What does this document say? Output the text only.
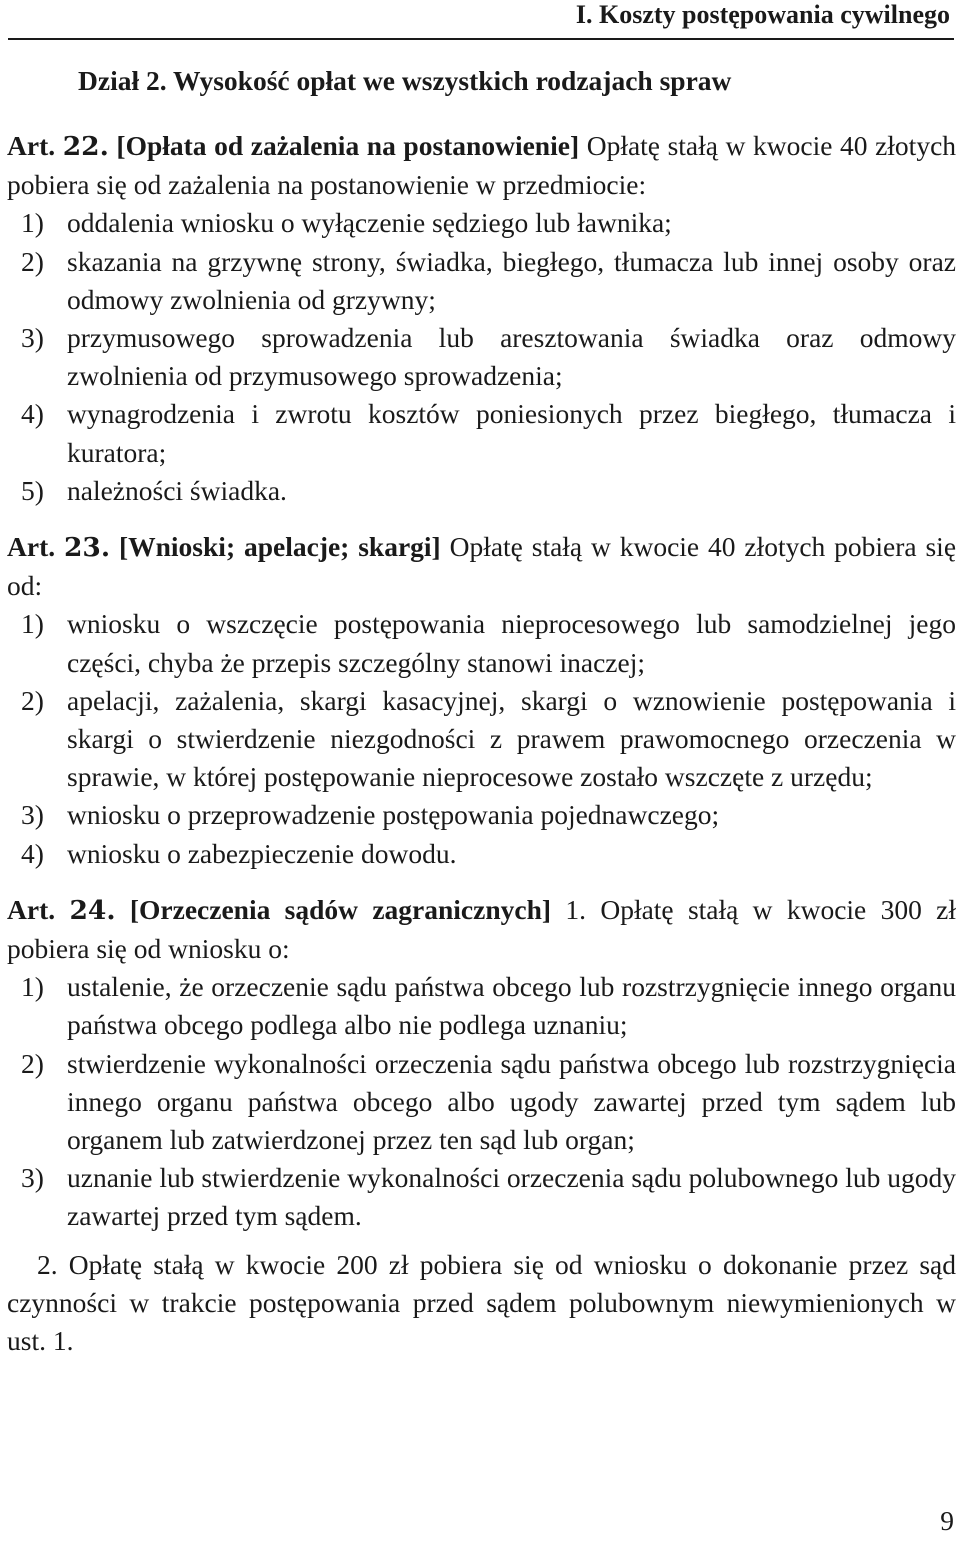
I. Koszty postępowania cywilnego
Dział 2. Wysokość opłat we wszystkich rodzajach spraw

Art. 22. [Opłata od zażalenia na postanowienie] Opłatę stałą w kwocie 40 złotych pobiera się od zażalenia na postanowienie w przedmiocie:

1) oddalenia wniosku o wyłączenie sędziego lub ławnika;
2) skazania na grzywnę strony, świadka, biegłego, tłumacza lub innej osoby oraz odmowy zwolnienia od grzywny;
3) przymusowego sprowadzenia lub aresztowania świadka oraz odmowy zwolnienia od przymusowego sprowadzenia;
4) wynagrodzenia i zwrotu kosztów poniesionych przez biegłego, tłumacza i kuratora;
5) należności świadka.

Art. 23. [Wnioski; apelacje; skargi] Opłatę stałą w kwocie 40 złotych pobiera się od:

1) wniosku o wszczęcie postępowania nieprocesowego lub samodzielnej jego części, chyba że przepis szczególny stanowi inaczej;
2) apelacji, zażalenia, skargi kasacyjnej, skargi o wznowienie postępowania i skargi o stwierdzenie niezgodności z prawem prawomocnego orzeczenia w sprawie, w której postępowanie nieprocesowe zostało wszczęte z urzędu;
3) wniosku o przeprowadzenie postępowania pojednawczego;
4) wniosku o zabezpieczenie dowodu.

Art. 24. [Orzeczenia sądów zagranicznych] 1. Opłatę stałą w kwocie 300 zł pobiera się od wniosku o:

1) ustalenie, że orzeczenie sądu państwa obcego lub rozstrzygnięcie innego organu państwa obcego podlega albo nie podlega uznaniu;
2) stwierdzenie wykonalności orzeczenia sądu państwa obcego lub rozstrzygnięcia innego organu państwa obcego albo ugody zawartej przed tym sądem lub organem lub zatwierdzonej przez ten sąd lub organ;
3) uznanie lub stwierdzenie wykonalności orzeczenia sądu polubownego lub ugody zawartej przed tym sądem.

2. Opłatę stałą w kwocie 200 zł pobiera się od wniosku o dokonanie przez sąd czynności w trakcie postępowania przed sądem polubownym niewymienionych w ust. 1.

9
